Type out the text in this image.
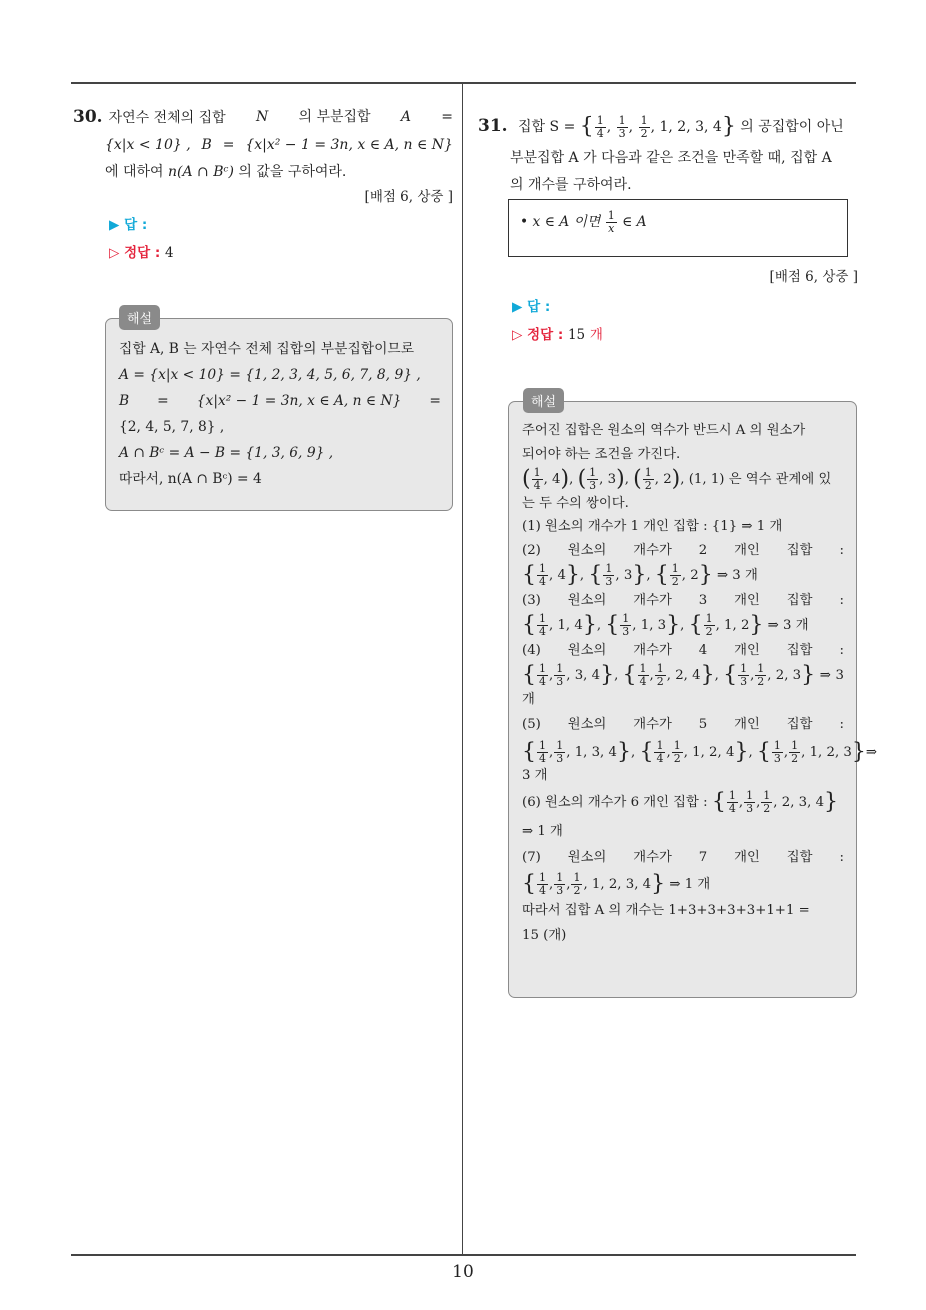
30. 자연수 전체의 집합 N 의 부분집합 A =
{x|x < 10} , B = {x|x² − 1 = 3n, x ∈ A, n ∈ N}
에 대하여 n(A ∩ Bᶜ) 의 값을 구하여라.
[배점 6, 상중 ]
▶ 답 :
▷ 정답 : 4
해설
집합 A, B 는 자연수 전체 집합의 부분집합이므로
A = {x|x < 10} = {1, 2, 3, 4, 5, 6, 7, 8, 9} ,
B = {x|x² − 1 = 3n, x ∈ A, n ∈ N} =
{2, 4, 5, 7, 8} ,
A ∩ Bᶜ = A − B = {1, 3, 6, 9} ,
따라서, n(A ∩ Bᶜ) = 4
31. 집합 S = { $\frac{1}{4}$ , $\frac{1}{3}$ , $\frac{1}{2}$ , 1, 2, 3, 4} 의 공집합이 아닌
부분집합 A 가 다음과 같은 조건을 만족할 때, 집합 A
의 개수를 구하여라.
• x ∈ A 이면 $\frac{1}{x}$ ∈ A
[배점 6, 상중 ]
▶ 답 :
▷ 정답 : 15 개
해설
주어진 집합은 원소의 역수가 반드시 A 의 원소가
되어야 하는 조건을 가진다.
( $\frac{1}{4}$ , 4), ( $\frac{1}{3}$ , 3), ( $\frac{1}{2}$ , 2), (1, 1) 은 역수 관계에 있
는 두 수의 쌍이다.
(1) 원소의 개수가 1 개인 집합 : {1} ⇒ 1 개
(2) 원소의 개수가 2 개인 집합 :
{ $\frac{1}{4}$ , 4}, { $\frac{1}{3}$ , 3}, { $\frac{1}{2}$ , 2} ⇒ 3 개
(3) 원소의 개수가 3 개인 집합 :
{ $\frac{1}{4}$ , 1, 4}, { $\frac{1}{3}$ , 1, 3}, { $\frac{1}{2}$ , 1, 2} ⇒ 3 개
(4) 원소의 개수가 4 개인 집합 :
{ $\frac{1}{4}$ , $\frac{1}{3}$ , 3, 4}, { $\frac{1}{4}$ , $\frac{1}{2}$ , 2, 4}, { $\frac{1}{3}$ , $\frac{1}{2}$ , 2, 3} ⇒ 3
개
(5) 원소의 개수가 5 개인 집합 :
{ $\frac{1}{4}$ , $\frac{1}{3}$ , 1, 3, 4}, { $\frac{1}{4}$ , $\frac{1}{2}$ , 1, 2, 4}, { $\frac{1}{3}$ , $\frac{1}{2}$ , 1, 2, 3} ⇒
3 개
(6) 원소의 개수가 6 개인 집합 : { $\frac{1}{4}$ , $\frac{1}{3}$ , $\frac{1}{2}$ , 2, 3, 4}
⇒ 1 개
(7) 원소의 개수가 7 개인 집합 :
{ $\frac{1}{4}$ , $\frac{1}{3}$ , $\frac{1}{2}$ , 1, 2, 3, 4} ⇒ 1 개
따라서 집합 A 의 개수는 1+3+3+3+3+1+1 =
15 (개)
10
